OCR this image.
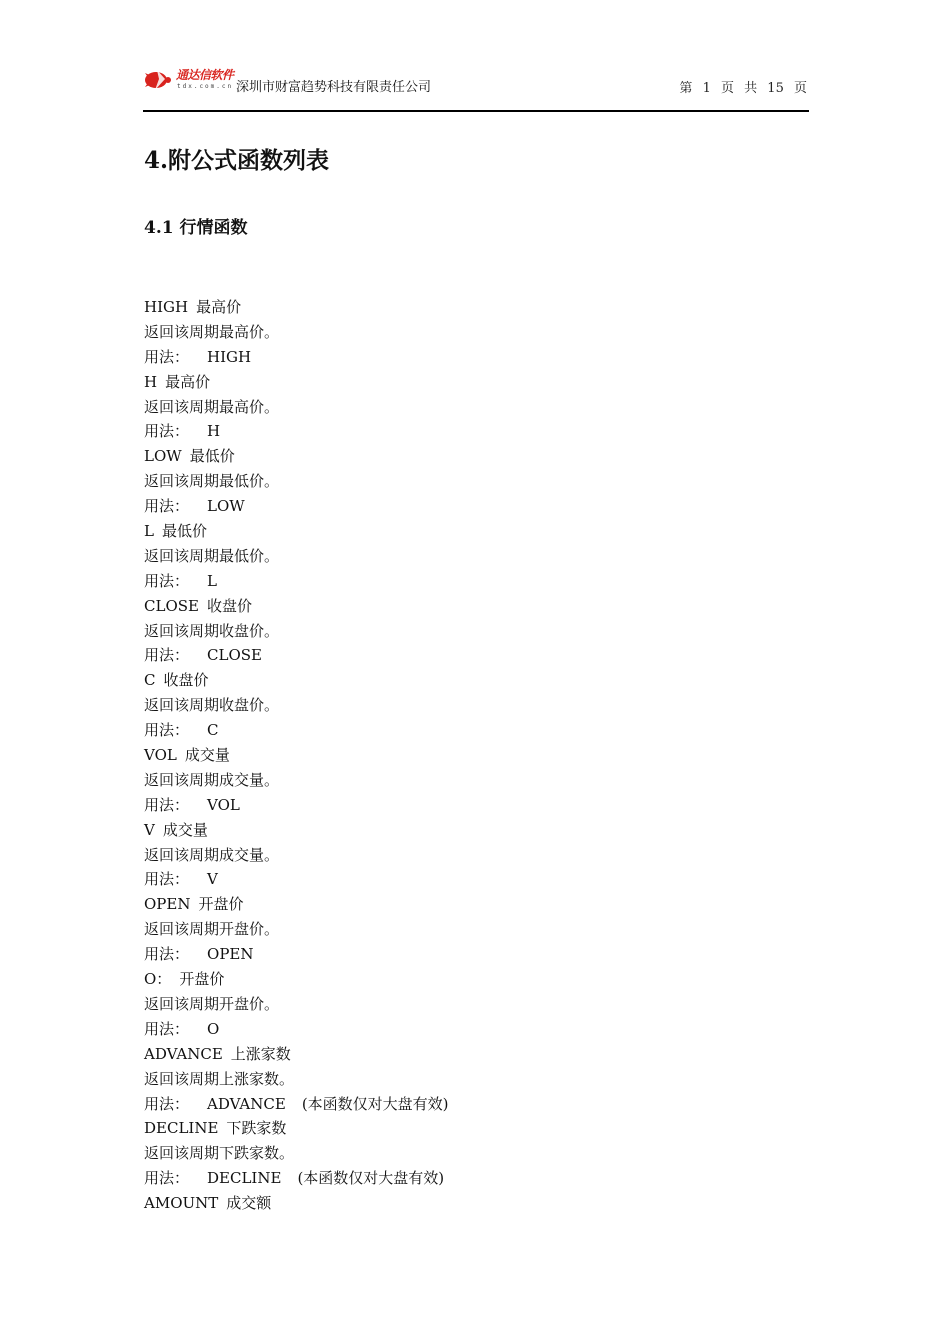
通达信软件
tdx.com.cn 深圳市财富趋势科技有限责任公司	第 1 页 共 15 页
4.附公式函数列表
4.1 行情函数
HIGH 最高价
返回该周期最高价。
用法： HIGH
H 最高价
返回该周期最高价。
用法： H
LOW 最低价
返回该周期最低价。
用法： LOW
L 最低价
返回该周期最低价。
用法： L
CLOSE 收盘价
返回该周期收盘价。
用法： CLOSE
C 收盘价
返回该周期收盘价。
用法： C
VOL 成交量
返回该周期成交量。
用法： VOL
V 成交量
返回该周期成交量。
用法： V
OPEN 开盘价
返回该周期开盘价。
用法： OPEN
O： 开盘价
返回该周期开盘价。
用法： O
ADVANCE 上涨家数
返回该周期上涨家数。
用法： ADVANCE (本函数仅对大盘有效)
DECLINE 下跌家数
返回该周期下跌家数。
用法： DECLINE (本函数仅对大盘有效)
AMOUNT 成交额
